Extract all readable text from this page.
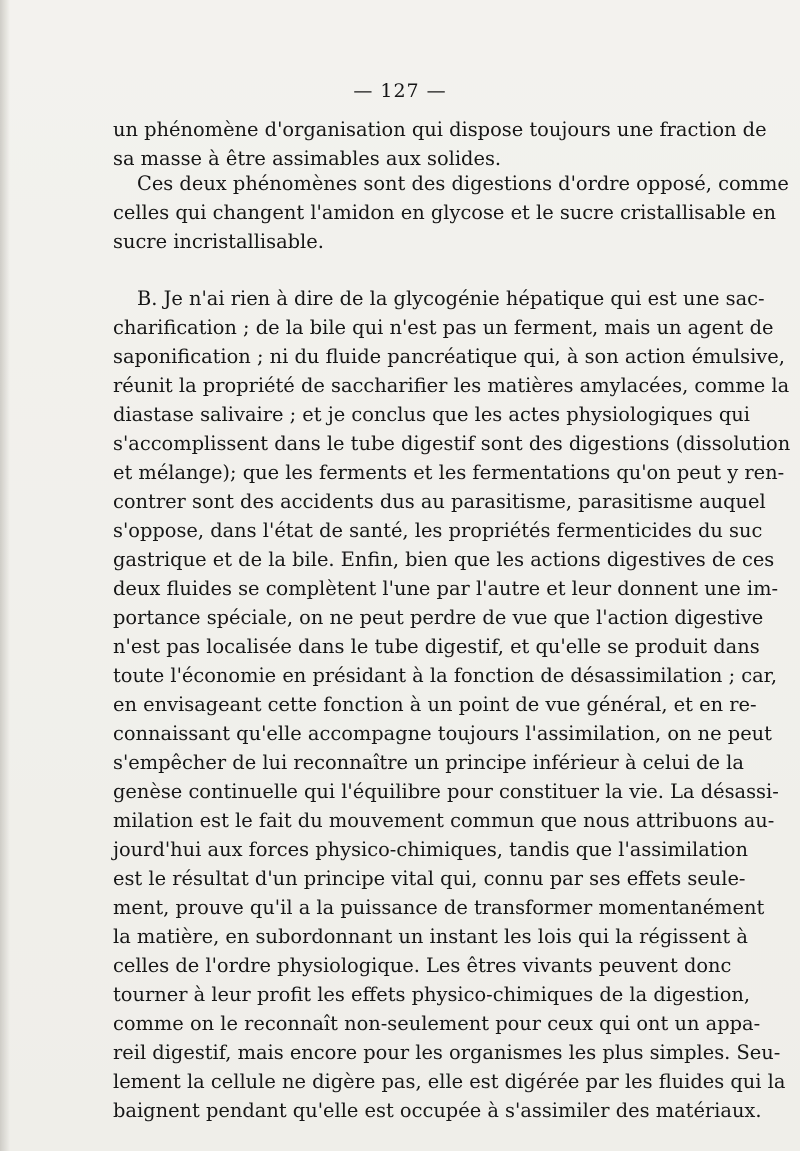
— 127 —
un phénomène d'organisation qui dispose toujours une fraction de
sa masse à être assimables aux solides.
Ces deux phénomènes sont des digestions d'ordre opposé, comme
celles qui changent l'amidon en glycose et le sucre cristallisable en
sucre incristallisable.
B. Je n'ai rien à dire de la glycogénie hépatique qui est une sac-
charification ; de la bile qui n'est pas un ferment, mais un agent de
saponification ; ni du fluide pancréatique qui, à son action émulsive,
réunit la propriété de saccharifier les matières amylacées, comme la
diastase salivaire ; et je conclus que les actes physiologiques qui
s'accomplissent dans le tube digestif sont des digestions (dissolution
et mélange); que les ferments et les fermentations qu'on peut y ren-
contrer sont des accidents dus au parasitisme, parasitisme auquel
s'oppose, dans l'état de santé, les propriétés fermenticides du suc
gastrique et de la bile. Enfin, bien que les actions digestives de ces
deux fluides se complètent l'une par l'autre et leur donnent une im-
portance spéciale, on ne peut perdre de vue que l'action digestive
n'est pas localisée dans le tube digestif, et qu'elle se produit dans
toute l'économie en présidant à la fonction de désassimilation ; car,
en envisageant cette fonction à un point de vue général, et en re-
connaissant qu'elle accompagne toujours l'assimilation, on ne peut
s'empêcher de lui reconnaître un principe inférieur à celui de la
genèse continuelle qui l'équilibre pour constituer la vie. La désassi-
milation est le fait du mouvement commun que nous attribuons au-
jourd'hui aux forces physico-chimiques, tandis que l'assimilation
est le résultat d'un principe vital qui, connu par ses effets seule-
ment, prouve qu'il a la puissance de transformer momentanément
la matière, en subordonnant un instant les lois qui la régissent à
celles de l'ordre physiologique. Les êtres vivants peuvent donc
tourner à leur profit les effets physico-chimiques de la digestion,
comme on le reconnaît non-seulement pour ceux qui ont un appa-
reil digestif, mais encore pour les organismes les plus simples. Seu-
lement la cellule ne digère pas, elle est digérée par les fluides qui la
baignent pendant qu'elle est occupée à s'assimiler des matériaux.
